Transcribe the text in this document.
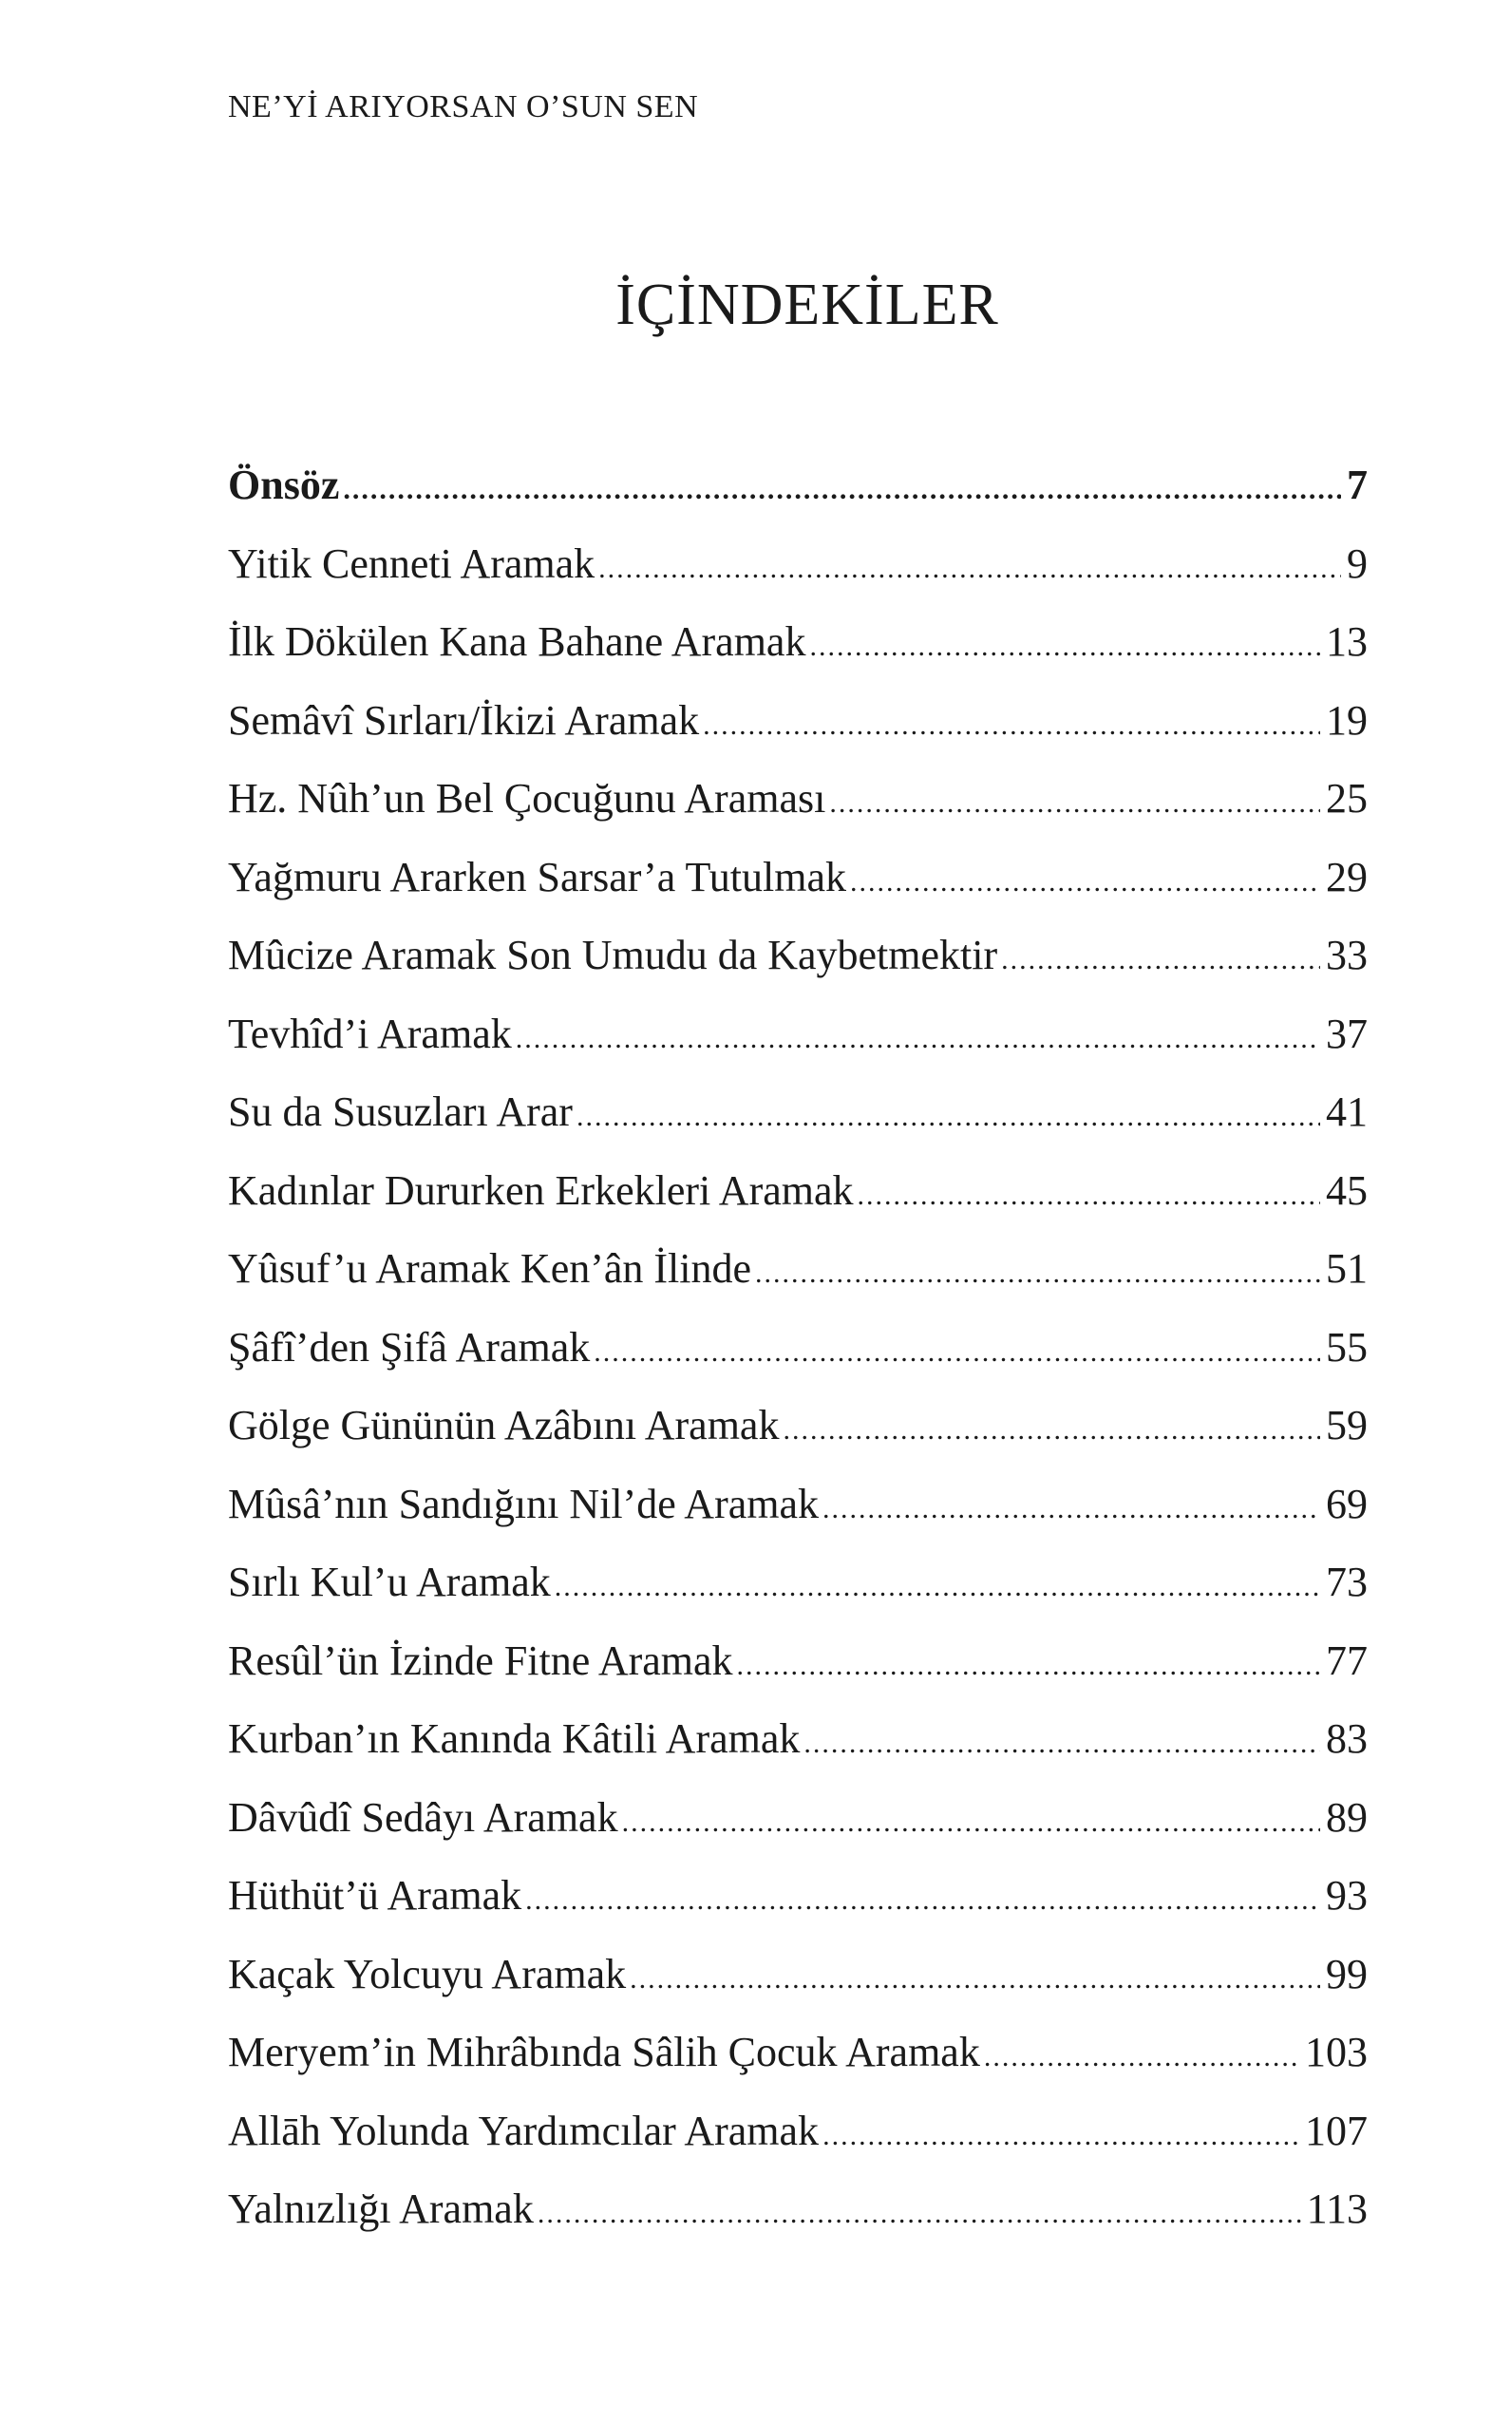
NE’Yİ ARIYORSAN O’SUN SEN
İÇİNDEKİLER
Önsöz .....	7
Yitik Cenneti Aramak .....	9
İlk Dökülen Kana Bahane Aramak .....	13
Semâvî Sırları/İkizi Aramak .....	19
Hz. Nûh’un Bel Çocuğunu Araması .....	25
Yağmuru Ararken Sarsar’a Tutulmak .....	29
Mûcize Aramak Son Umudu da Kaybetmektir .....	33
Tevhîd’i Aramak .....	37
Su da Susuzları Arar .....	41
Kadınlar Dururken Erkekleri Aramak .....	45
Yûsuf’u Aramak Ken’ân İlinde .....	51
Şâfî’den Şifâ Aramak .....	55
Gölge Gününün Azâbını Aramak .....	59
Mûsâ’nın Sandığını Nil’de Aramak .....	69
Sırlı Kul’u Aramak .....	73
Resûl’ün İzinde Fitne Aramak .....	77
Kurban’ın Kanında Kâtili Aramak .....	83
Dâvûdî Sedâyı Aramak .....	89
Hüthüt’ü Aramak .....	93
Kaçak Yolcuyu Aramak .....	99
Meryem’in Mihrâbında Sâlih Çocuk Aramak .....	103
Allāh Yolunda Yardımcılar Aramak .....	107
Yalnızlığı Aramak .....	113
